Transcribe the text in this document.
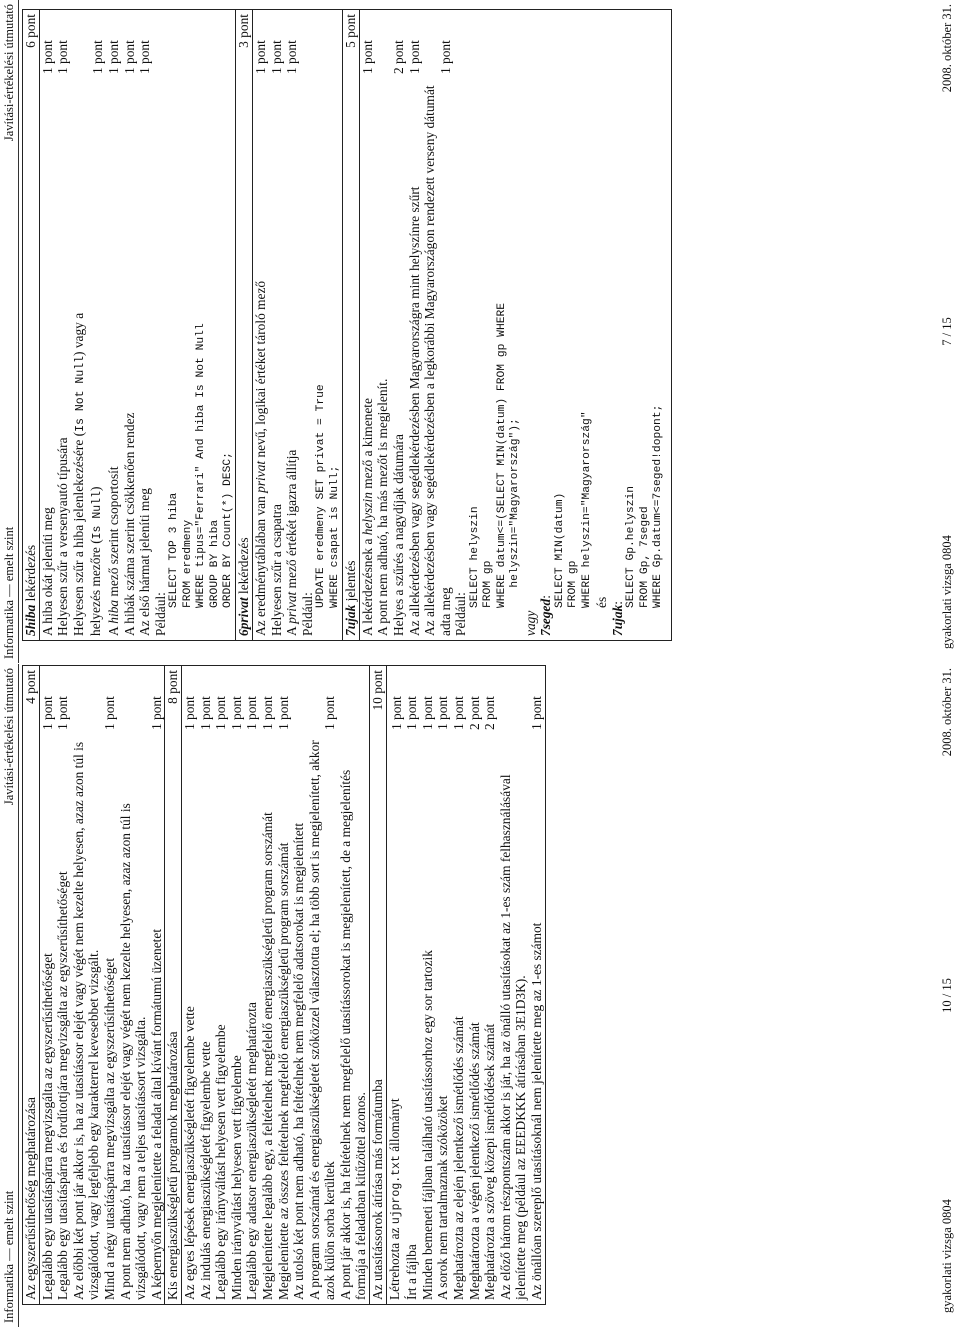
Informatika — emelt szint
Javítási-értékelési útmutató
Az egyszerűsíthetőség meghatározása
4 pont
Legalább egy utasításpárra megvizsgálta az egyszerűsíthetőséget
1 pont
Legalább egy utasításpárra és fordítottjára megvizsgálta az egyszerűsíthetőséget
1 pont
Az előbbi két pont jár akkor is, ha az utasítássor elejét vagy végét nem kezelte helyesen, azaz azon túl is vizsgálódott, vagy legfeljebb egy karakterrel kevesebbet vizsgált. Mind a négy utasításpárra megvizsgálta az egyszerűsíthetőséget
1 pont
A pont nem adható, ha az utasítássor elejét vagy végét nem kezelte helyesen, azaz azon túl is vizsgálódott, vagy nem a teljes utasítássort vizsgálta. A képernyőn megjelenítette a feladat által kívánt formátumú üzenetet
1 pont
Kis energiaszükségletű programok meghatározása
8 pont
Az egyes lépések energiaszükségletét figyelembe vette
1 pont
Az indulás energiaszükségletét figyelembe vette
1 pont
Legalább egy irányváltást helyesen vett figyelembe
1 pont
Minden irányváltást helyesen vett figyelembe
1 pont
Legalább egy adatsor energiaszükségletét meghatározta
1 pont
Megjelenítette legalább egy, a feltételnek megfelelő energiaszükségletű program sorszámát
1 pont
Megjelenítette az összes feltételnek megfelelő energiaszükségletű program sorszámát
1 pont
Az utolsó két pont nem adható, ha feltételnek nem megfelelő adatsorokat is megjelenített A program sorszámát és energiaszükségletét szóközzel választotta el; ha több sort is megjelenített, akkor azok külön sorba kerültek
1 pont
A pont jár akkor is, ha feltételnek nem megfelelő utasítássorokat is megjelenített, de a megjelenítés formája a feladatban kitűzöttel azonos. Az utasítássorok átírása más formátumba
10 pont
Létrehozta az ujprog.txt állományt
1 pont
Írt a fájlba
1 pont
Minden bemeneti fájlban található utasítássorhoz egy sor tartozik
1 pont
A sorok nem tartalmaznak szóközöket
1 pont
Meghatározta az elején jelentkező ismétlődés számát
1 pont
Meghatározta a végén jelentkező ismétlődés számát
2 pont
Meghatározta a szöveg közepi ismétlődések számát
2 pont
Az előző három részpontszám akkor is jár, ha az önálló utasításokat az 1-es szám felhasználásával jelenítette meg (például az EEEDKKK átírásában 3E1D3K). Az önállóan szereplő utasításoknál nem jelenítette meg az 1-es számot
1 pont
gyakorlati vizsga 0804
10 / 15
2008. október 31.
Informatika — emelt szint
Javítási-értékelési útmutató
5hiba lekérdezés
6 pont
A hiba okát jeleníti meg
1 pont
Helyesen szűr a versenyautó típusára
1 pont
Helyesen szűr a hiba jelenlekezésére (Is Not Null) vagy a
helyezés mezőre (Is Null)
1 pont
A hiba mező szerint csoportosít
1 pont
A hibák száma szerint csökkenően rendez
1 pont
Az első hármat jeleníti meg
1 pont
Például:
SELECT TOP 3 hiba
FROM eredmeny
WHERE tipus="Ferrari" And hiba Is Not Null
GROUP BY hiba
ORDER BY Count(*) DESC;
6privat lekérdezés
3 pont
Az eredménytáblában van privat nevű, logikai értéket tároló mező
1 pont
Helyesen szűr a csapatra
1 pont
A privat mező értékét igazra állítja
1 pont
Például:
UPDATE eredmeny SET privat = True
WHERE csapat is Null;
7ujak jelentés
5 pont
A lekérdezésnek a helyszin mező a kimenete
1 pont
A pont nem adható, ha más mezőt is megjelenít. Helyes a szűrés a nagydíjak dátumára
2 pont
Az allekérdezésben vagy segédlekérdezésben Magyarországra mint helyszínre szűrt
1 pont
Az allekérdezésben vagy segédlekérdezésben a legkorábbi Magyarországon rendezett verseny dátumát adta meg
1 pont
Például:
SELECT helyszin
FROM gp
WHERE datum<=(SELECT MIN(datum) FROM gp WHERE
helyszin="Magyarország");
vagy 7seged: SELECT MIN(datum)
FROM gp
WHERE helyszin="Magyarország"
és
7ujak: SELECT Gp.helyszin
FROM Gp, 7seged
WHERE Gp.datum<=7seged!dopont;
gyakorlati vizsga 0804
7 / 15
2008. október 31.
